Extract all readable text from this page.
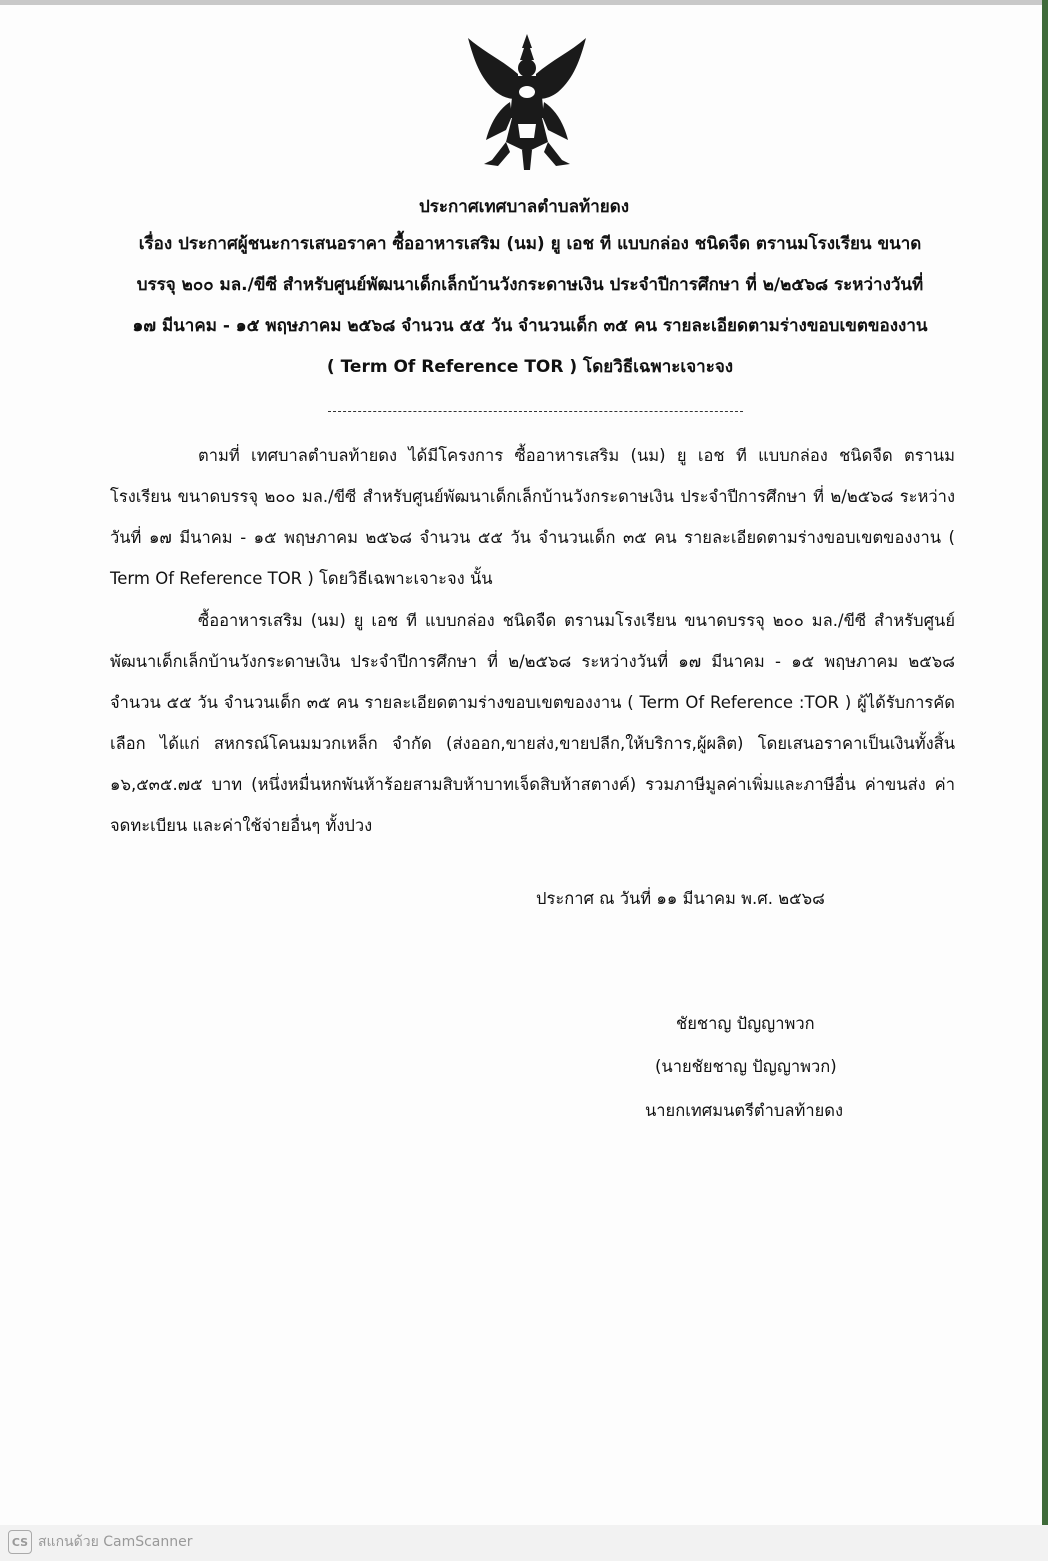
ประกาศเทศบาลตำบลท้ายดง
เรื่อง ประกาศผู้ชนะการเสนอราคา ซื้ออาหารเสริม (นม) ยู เอช ที แบบกล่อง ชนิดจืด ตรานมโรงเรียน ขนาด
บรรจุ ๒๐๐ มล./ขีซี สำหรับศูนย์พัฒนาเด็กเล็กบ้านวังกระดาษเงิน ประจำปีการศึกษา ที่ ๒/๒๕๖๘ ระหว่างวันที่
๑๗ มีนาคม - ๑๕ พฤษภาคม ๒๕๖๘ จำนวน ๕๕ วัน จำนวนเด็ก ๓๕ คน รายละเอียดตามร่างขอบเขตของงาน
( Term Of Reference TOR ) โดยวิธีเฉพาะเจาะจง

ตามที่ เทศบาลตำบลท้ายดง ได้มีโครงการ ซื้ออาหารเสริม (นม) ยู เอช ที แบบกล่อง ชนิดจืด ตรานมโรงเรียน ขนาดบรรจุ ๒๐๐ มล./ขีซี สำหรับศูนย์พัฒนาเด็กเล็กบ้านวังกระดาษเงิน ประจำปีการศึกษา ที่ ๒/๒๕๖๘ ระหว่างวันที่ ๑๗ มีนาคม - ๑๕ พฤษภาคม ๒๕๖๘ จำนวน ๕๕ วัน จำนวนเด็ก ๓๕ คน รายละเอียดตามร่างขอบเขตของงาน ( Term Of Reference TOR ) โดยวิธีเฉพาะเจาะจง นั้น

ซื้ออาหารเสริม (นม) ยู เอช ที แบบกล่อง ชนิดจืด ตรานมโรงเรียน ขนาดบรรจุ ๒๐๐ มล./ขีซี สำหรับศูนย์พัฒนาเด็กเล็กบ้านวังกระดาษเงิน ประจำปีการศึกษา ที่ ๒/๒๕๖๘ ระหว่างวันที่ ๑๗ มีนาคม - ๑๕ พฤษภาคม ๒๕๖๘ จำนวน ๕๕ วัน จำนวนเด็ก ๓๕ คน รายละเอียดตามร่างขอบเขตของงาน ( Term Of Reference :TOR ) ผู้ได้รับการคัดเลือก ได้แก่ สหกรณ์โคนมมวกเหล็ก จำกัด (ส่งออก,ขายส่ง,ขายปลีก,ให้บริการ,ผู้ผลิต) โดยเสนอราคาเป็นเงินทั้งสิ้น ๑๖,๕๓๕.๗๕ บาท (หนึ่งหมื่นหกพันห้าร้อยสามสิบห้าบาทเจ็ดสิบห้าสตางค์) รวมภาษีมูลค่าเพิ่มและภาษีอื่น ค่าขนส่ง ค่าจดทะเบียน และค่าใช้จ่ายอื่นๆ ทั้งปวง

ประกาศ ณ วันที่ ๑๑ มีนาคม พ.ศ. ๒๕๖๘
ชัยชาญ ปัญญาพวก
(นายชัยชาญ ปัญญาพวก)
นายกเทศมนตรีตำบลท้ายดง
CS สแกนด้วย CamScanner
